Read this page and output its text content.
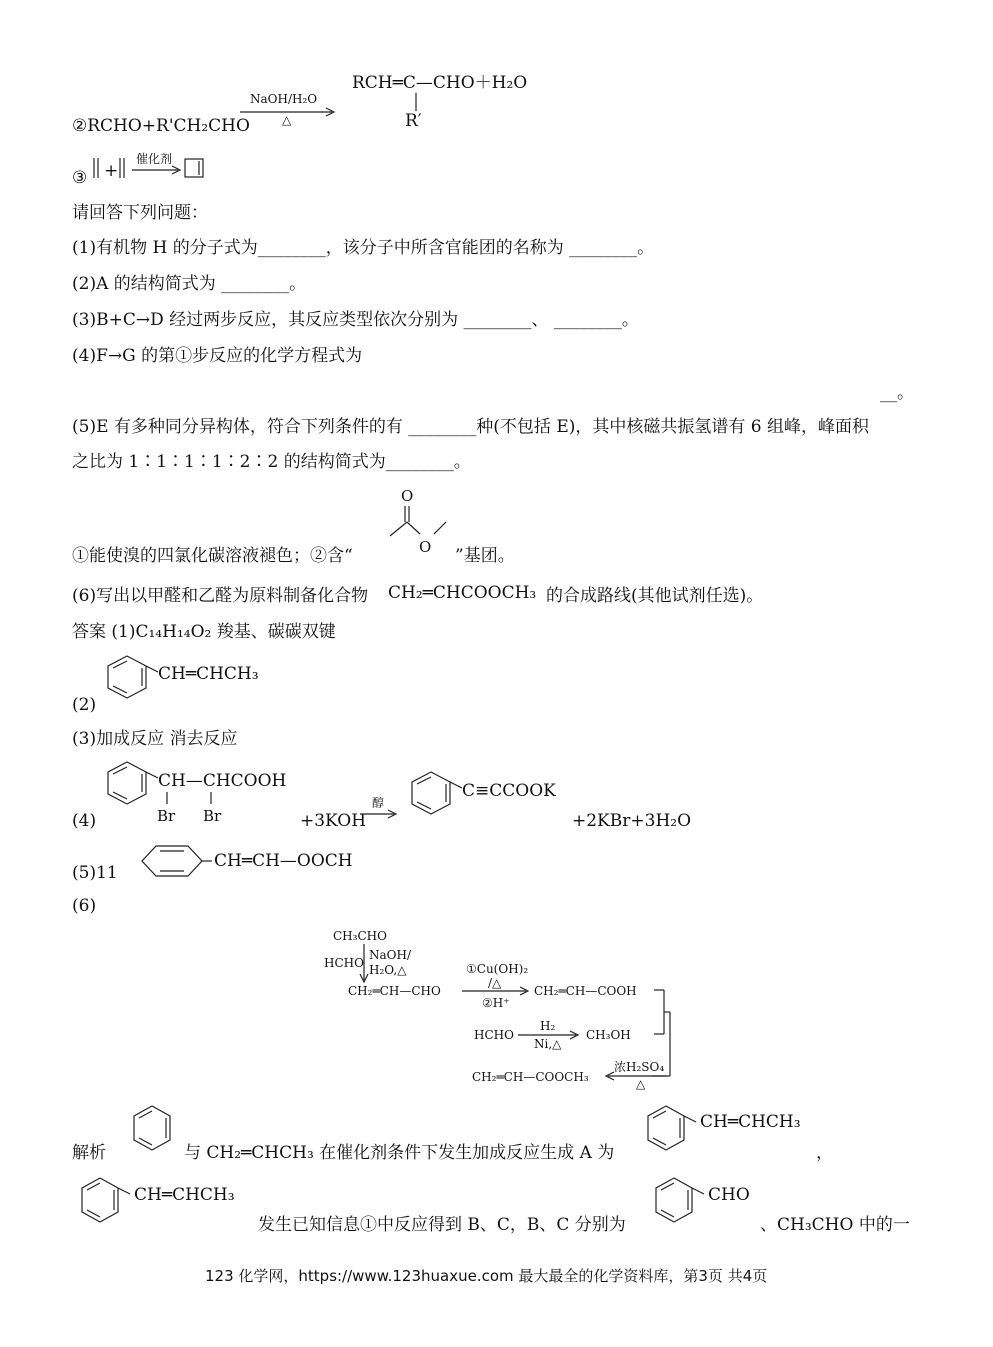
②RCHO+R'CH₂CHO
NaOH/H₂O
△
RCH═C—CHO＋H₂O
R′
③ +
催化剂
请回答下列问题：
(1)有机物 H 的分子式为________，该分子中所含官能团的名称为 ________。
(2)A 的结构简式为 ________。
(3)B+C→D 经过两步反应，其反应类型依次分别为 ________、 ________。
(4)F→G 的第①步反应的化学方程式为
__。
(5)E 有多种同分异构体，符合下列条件的有 ________种(不包括 E)，其中核磁共振氢谱有 6 组峰，峰面积
之比为 1∶1∶1∶1∶2∶2 的结构简式为________。
O
O
①能使溴的四氯化碳溶液褪色；②含“	”基团。
(6)写出以甲醛和乙醛为原料制备化合物 CH₂═CHCOOCH₃ 的合成路线(其他试剂任选)。
答案 (1)C₁₄H₁₄O₂ 羧基、碳碳双键
CH═CHCH₃
(2)
(3)加成反应 消去反应
CH—CHCOOH
Br Br
(4)	+3KOH
醇
C≡CCOOK
+2KBr+3H₂O
(5)11
CH═CH—OOCH
(6)
CH₃CHO
HCHO
NaOH/
H₂O,△
CH₂═CH—CHO
①Cu(OH)₂
/△
②H⁺
CH₂═CH—COOH
HCHO
H₂
Ni,△
CH₃OH
CH₂═CH—COOCH₃
浓H₂SO₄
△
解析	与 CH₂═CHCH₃ 在催化剂条件下发生加成反应生成 A 为
CH═CHCH₃
，
CH═CHCH₃
发生已知信息①中反应得到 B、C，B、C 分别为
CHO
、CH₃CHO 中的一
123 化学网，https://www.123huaxue.com 最大最全的化学资料库，第3页 共4页
